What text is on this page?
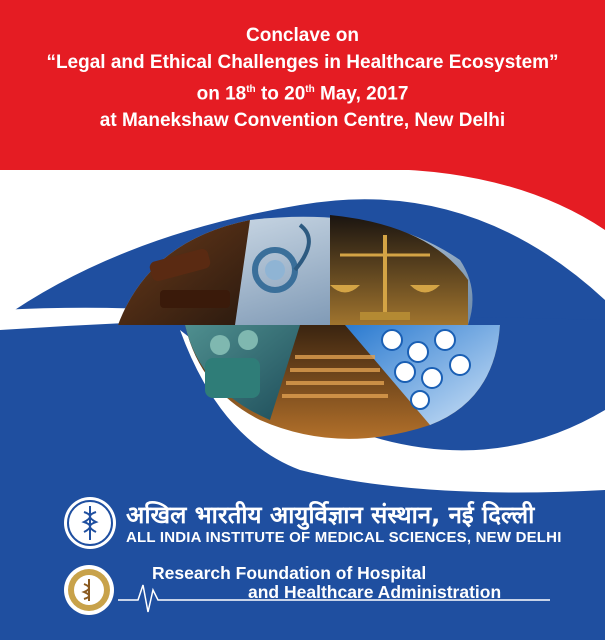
Conclave on
“Legal and Ethical Challenges in Healthcare Ecosystem”
on 18th to 20th May, 2017
at Manekshaw Convention Centre, New Delhi
अखिल भारतीय आयुर्विज्ञान संस्थान, नई दिल्ली
ALL INDIA INSTITUTE OF MEDICAL SCIENCES, NEW DELHI
Research Foundation of Hospital
and Healthcare Administration
